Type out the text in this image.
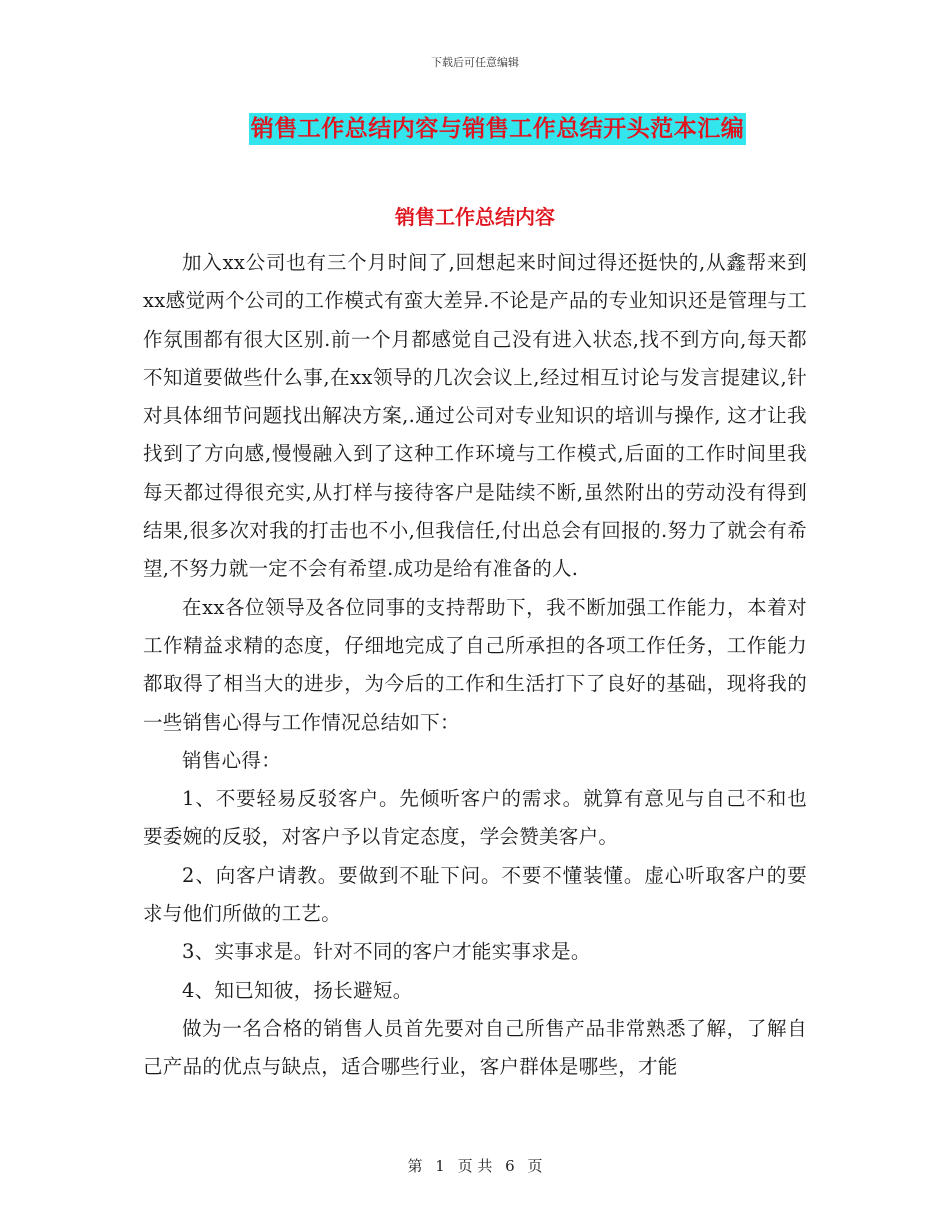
下载后可任意编辑
销售工作总结内容与销售工作总结开头范本汇编
销售工作总结内容

加入xx公司也有三个月时间了,回想起来时间过得还挺快的,从鑫帮来到xx感觉两个公司的工作模式有蛮大差异.不论是产品的专业知识还是管理与工作氛围都有很大区别.前一个月都感觉自己没有进入状态,找不到方向,每天都不知道要做些什么事,在xx领导的几次会议上,经过相互讨论与发言提建议,针对具体细节问题找出解决方案,.通过公司对专业知识的培训与操作, 这才让我找到了方向感,慢慢融入到了这种工作环境与工作模式,后面的工作时间里我每天都过得很充实,从打样与接待客户是陆续不断,虽然附出的劳动没有得到结果,很多次对我的打击也不小,但我信任,付出总会有回报的.努力了就会有希望,不努力就一定不会有希望.成功是给有准备的人.

在xx各位领导及各位同事的支持帮助下，我不断加强工作能力，本着对工作精益求精的态度，仔细地完成了自己所承担的各项工作任务，工作能力都取得了相当大的进步，为今后的工作和生活打下了良好的基础，现将我的一些销售心得与工作情况总结如下：

销售心得：

1、不要轻易反驳客户。先倾听客户的需求。就算有意见与自己不和也要委婉的反驳，对客户予以肯定态度，学会赞美客户。

2、向客户请教。要做到不耻下问。不要不懂装懂。虚心听取客户的要求与他们所做的工艺。

3、实事求是。针对不同的客户才能实事求是。

4、知已知彼，扬长避短。

做为一名合格的销售人员首先要对自己所售产品非常熟悉了解，了解自己产品的优点与缺点，适合哪些行业，客户群体是哪些，才能

第 1 页 共 6 页
